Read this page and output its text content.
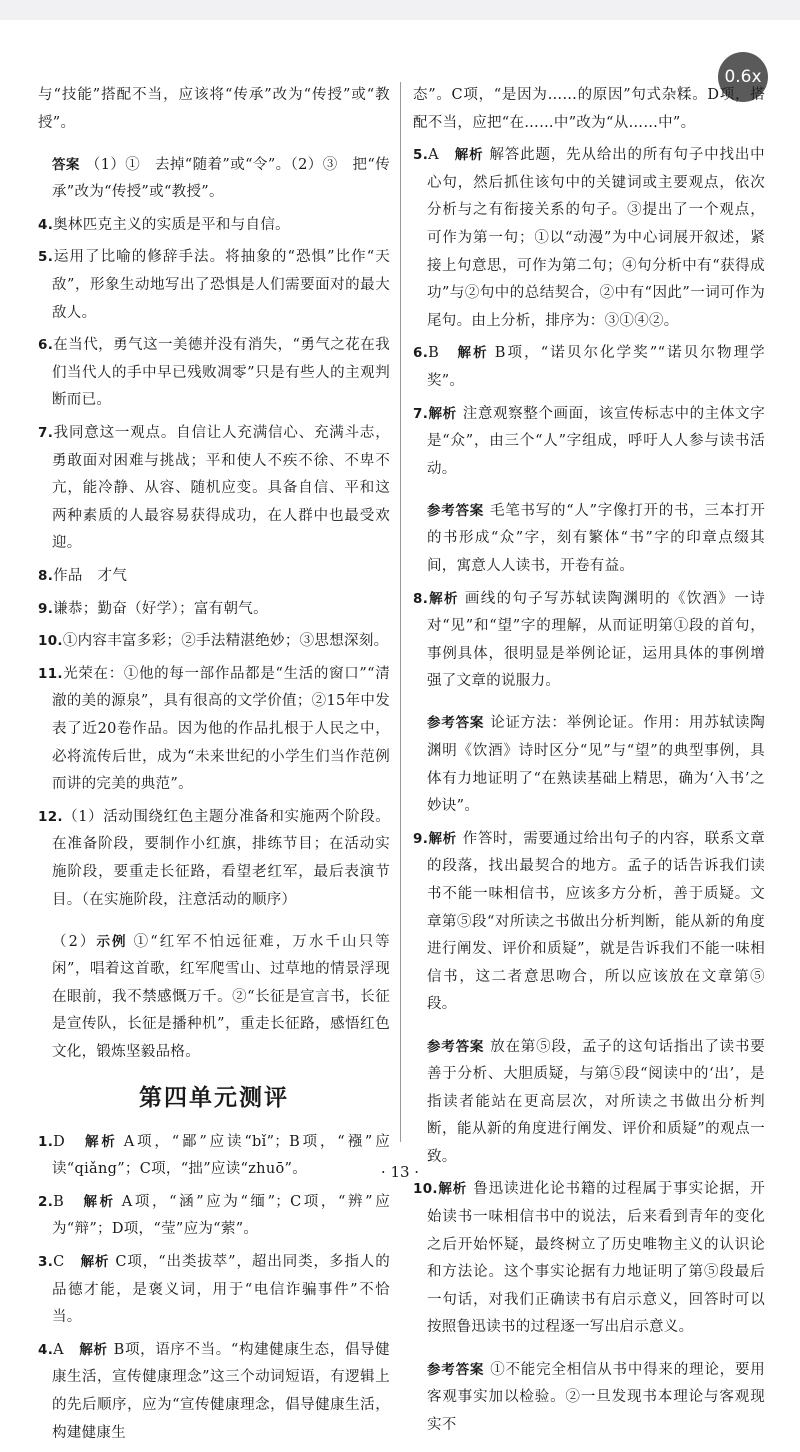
0.6x

与“技能”搭配不当，应该将“传承”改为“传授”或“教授”。

答案 （1）①　去掉“随着”或“令”。（2）③　把“传承”改为“传授”或“教授”。

4.奥林匹克主义的实质是平和与自信。

5.运用了比喻的修辞手法。将抽象的“恐惧”比作“天敌”，形象生动地写出了恐惧是人们需要面对的最大敌人。

6.在当代，勇气这一美德并没有消失，“勇气之花在我们当代人的手中早已残败凋零”只是有些人的主观判断而已。

7.我同意这一观点。自信让人充满信心、充满斗志，勇敢面对困难与挑战；平和使人不疾不徐、不卑不亢，能冷静、从容、随机应变。具备自信、平和这两种素质的人最容易获得成功，在人群中也最受欢迎。

8.作品　才气

9.谦恭；勤奋（好学）；富有朝气。

10.①内容丰富多彩；②手法精湛绝妙；③思想深刻。

11.光荣在：①他的每一部作品都是“生活的窗口”“清澈的美的源泉”，具有很高的文学价值；②15年中发表了近20卷作品。因为他的作品扎根于人民之中，必将流传后世，成为“未来世纪的小学生们当作范例而讲的完美的典范”。

12.（1）活动围绕红色主题分准备和实施两个阶段。在准备阶段，要制作小红旗，排练节目；在活动实施阶段，要重走长征路，看望老红军，最后表演节目。（在实施阶段，注意活动的顺序）

（2）示例 ①“红军不怕远征难，万水千山只等闲”，唱着这首歌，红军爬雪山、过草地的情景浮现在眼前，我不禁感慨万千。②“长征是宣言书，长征是宣传队，长征是播种机”，重走长征路，感悟红色文化，锻炼坚毅品格。

第四单元测评

1.D　 解析 A项，“鄙”应读“bǐ”；B项，“襁”应读“qiǎng”；C项，“拙”应读“zhuō”。

2.B　 解析 A项，“涵”应为“缅”；C项，“辨”应为“辩”；D项，“莹”应为“萦”。

3.C　 解析 C项，“出类拔萃”，超出同类，多指人的品德才能，是褒义词，用于“电信诈骗事件”不恰当。

4.A　 解析 B项，语序不当。“构建健康生态，倡导健康生活，宣传健康理念”这三个动词短语，有逻辑上的先后顺序，应为“宣传健康理念，倡导健康生活，构建健康生

态”。C项，“是因为……的原因”句式杂糅。D项，搭配不当，应把“在……中”改为“从……中”。

5.A　 解析 解答此题，先从给出的所有句子中找出中心句，然后抓住该句中的关键词或主要观点，依次分析与之有衔接关系的句子。③提出了一个观点，可作为第一句；①以“动漫”为中心词展开叙述，紧接上句意思，可作为第二句；④句分析中有“获得成功”与②句中的总结契合，②中有“因此”一词可作为尾句。由上分析，排序为：③①④②。

6.B　 解析 B项，“诺贝尔化学奖”“诺贝尔物理学奖”。

7.解析 注意观察整个画面，该宣传标志中的主体文字是“众”，由三个“人”字组成，呼吁人人参与读书活动。

参考答案 毛笔书写的“人”字像打开的书，三本打开的书形成“众”字，刻有繁体“书”字的印章点缀其间，寓意人人读书，开卷有益。

8.解析 画线的句子写苏轼读陶渊明的《饮酒》一诗对“见”和“望”字的理解，从而证明第①段的首句，事例具体，很明显是举例论证，运用具体的事例增强了文章的说服力。

参考答案 论证方法：举例论证。作用：用苏轼读陶渊明《饮酒》诗时区分“见”与“望”的典型事例，具体有力地证明了“在熟读基础上精思，确为‘入书’之妙诀”。

9.解析 作答时，需要通过给出句子的内容，联系文章的段落，找出最契合的地方。孟子的话告诉我们读书不能一味相信书，应该多方分析，善于质疑。文章第⑤段“对所读之书做出分析判断，能从新的角度进行阐发、评价和质疑”，就是告诉我们不能一味相信书，这二者意思吻合，所以应该放在文章第⑤段。

参考答案 放在第⑤段，孟子的这句话指出了读书要善于分析、大胆质疑，与第⑤段“阅读中的‘出’，是指读者能站在更高层次，对所读之书做出分析判断，能从新的角度进行阐发、评价和质疑”的观点一致。

10.解析 鲁迅读进化论书籍的过程属于事实论据，开始读书一味相信书中的说法，后来看到青年的变化之后开始怀疑，最终树立了历史唯物主义的认识论和方法论。这个事实论据有力地证明了第⑤段最后一句话，对我们正确读书有启示意义，回答时可以按照鲁迅读书的过程逐一写出启示意义。

参考答案 ①不能完全相信从书中得来的理论，要用客观事实加以检验。②一旦发现书本理论与客观现实不

· 13 ·
